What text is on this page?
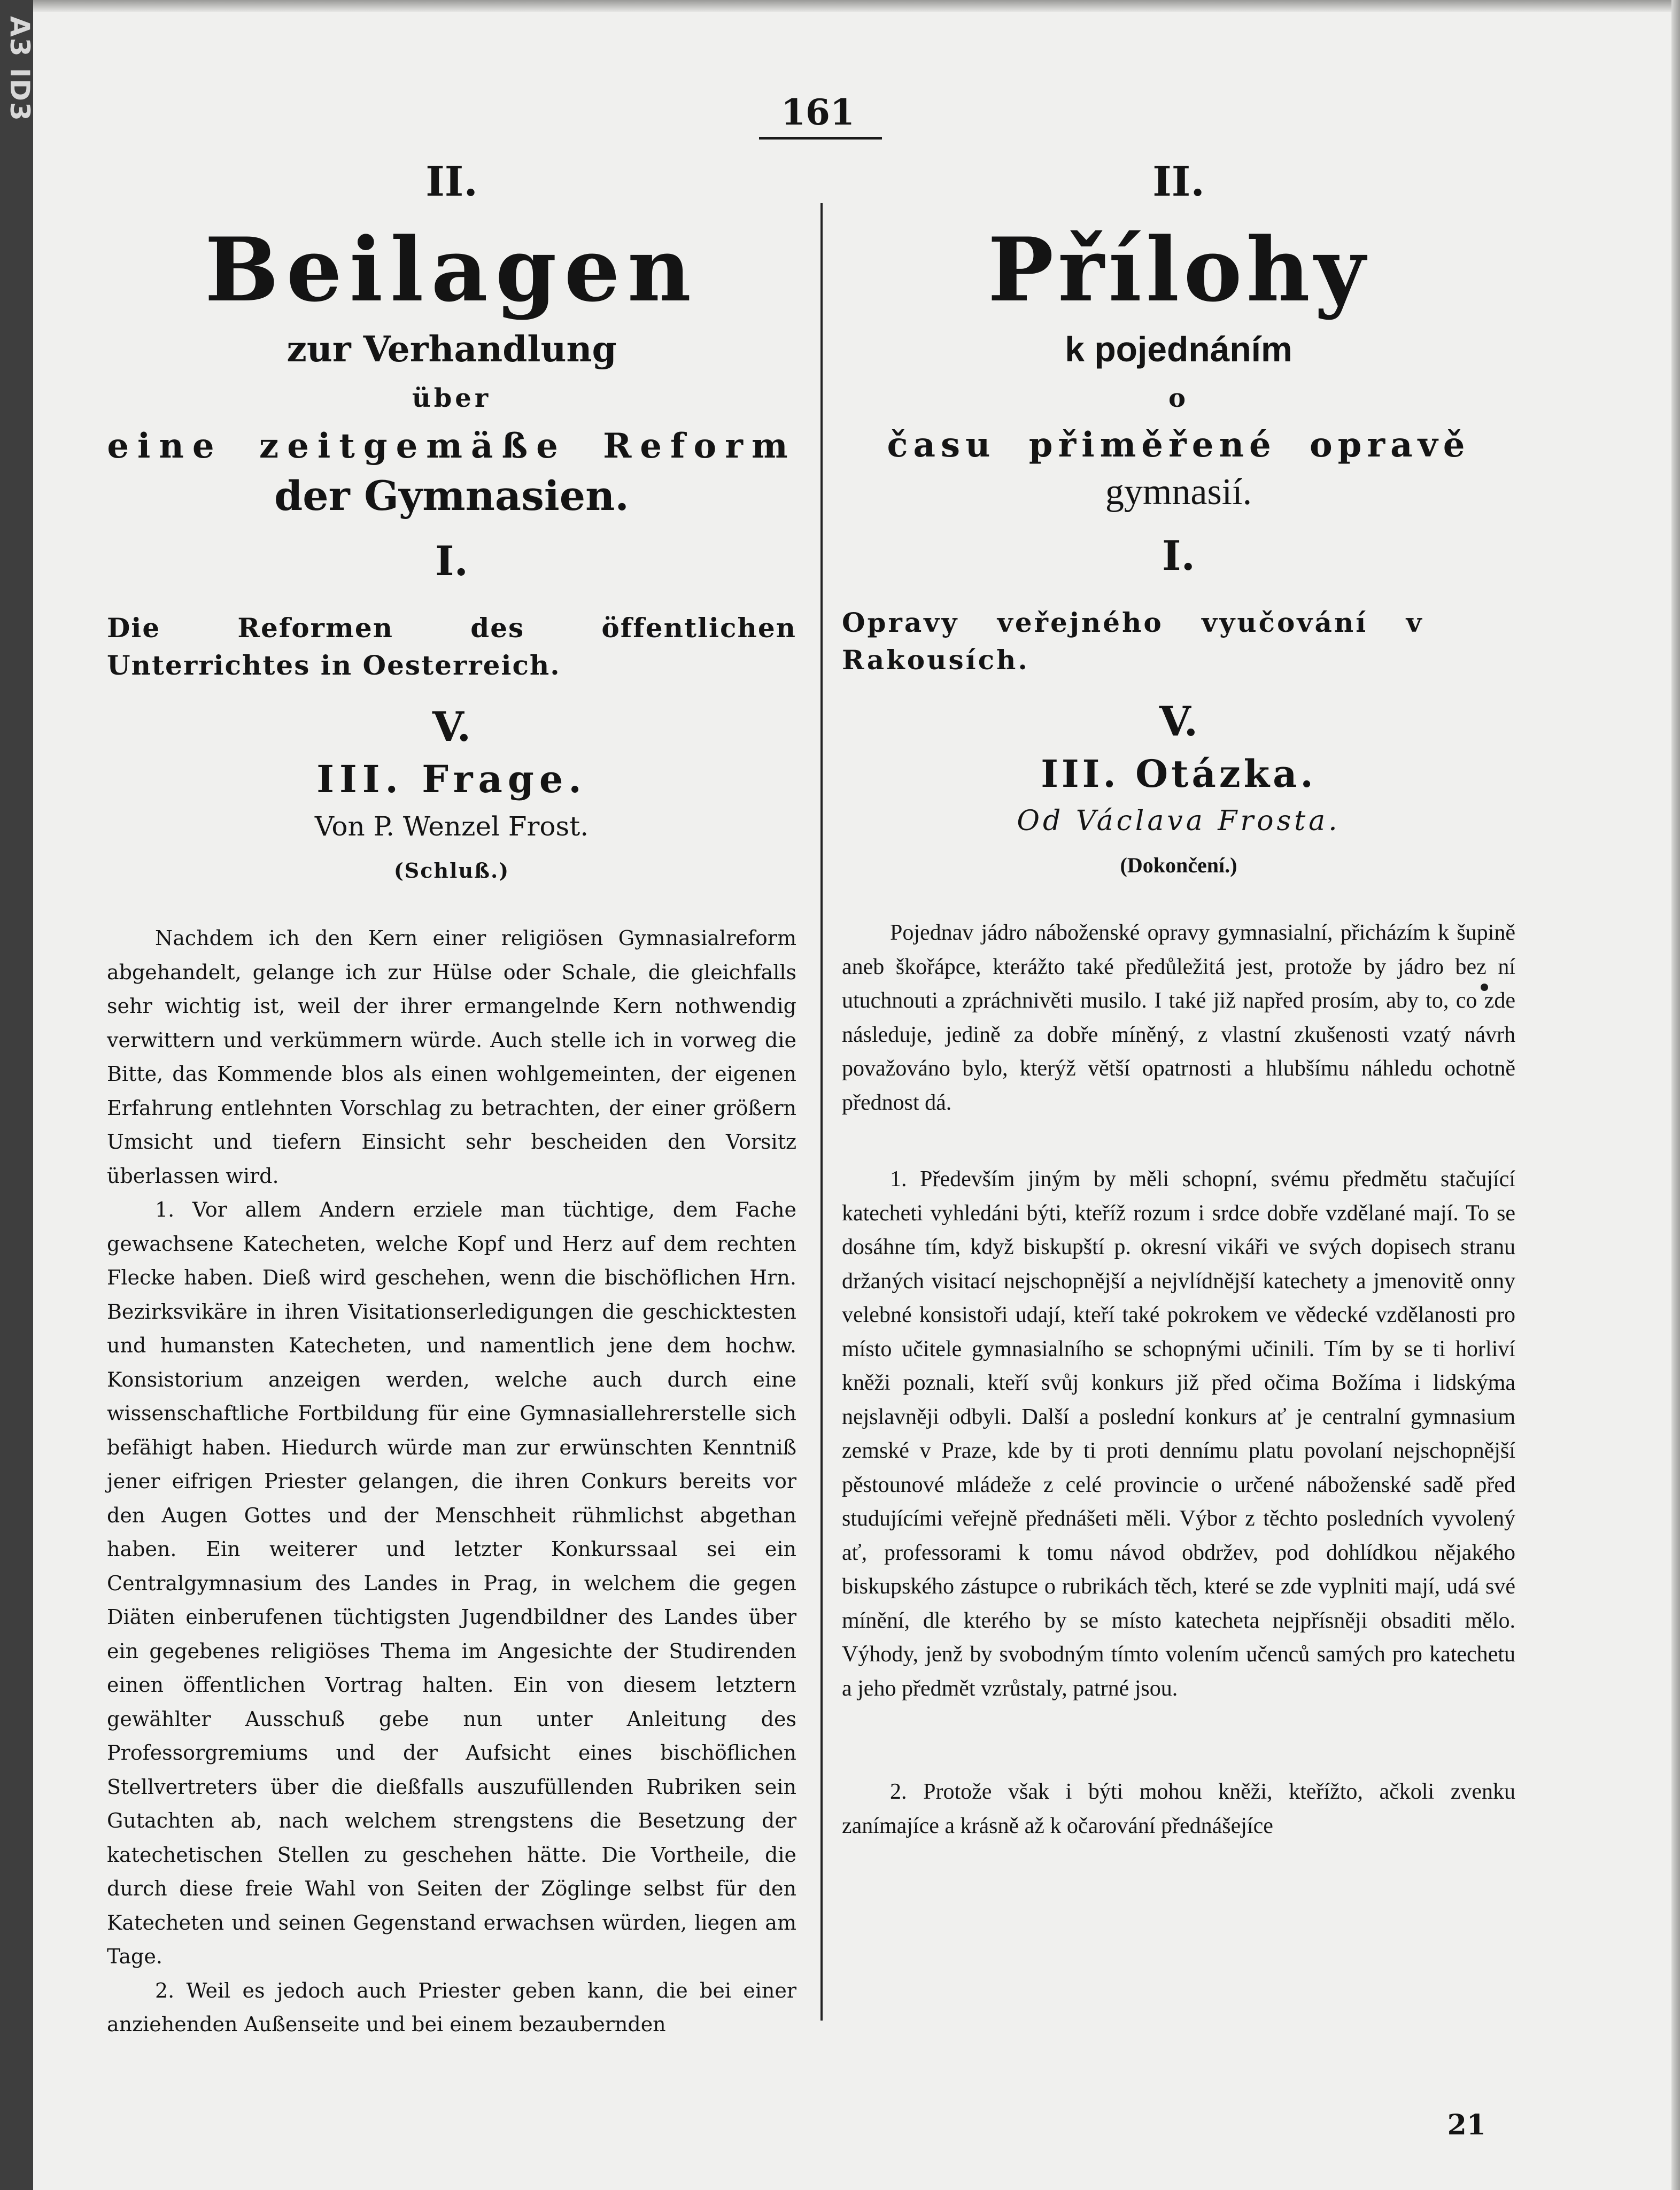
A3 ID3	161

II.

Beilagen

zur Verhandlung

über

eine zeitgemäße Reform

der Gymnasien.

I.

Die Reformen des öffentlichen Unterrichtes in Oesterreich.

V.

III. Frage.

Von P. Wenzel Frost.

(Schluß.)

Nachdem ich den Kern einer religiösen Gymnasialreform abgehandelt, gelange ich zur Hülse oder Schale, die gleichfalls sehr wichtig ist, weil der ihrer ermangelnde Kern nothwendig verwittern und verkümmern würde. Auch stelle ich in vorweg die Bitte, das Kommende blos als einen wohlgemeinten, der eigenen Erfahrung entlehnten Vorschlag zu betrachten, der einer größern Umsicht und tiefern Einsicht sehr bescheiden den Vorsitz überlassen wird.

1. Vor allem Andern erziele man tüchtige, dem Fache gewachsene Katecheten, welche Kopf und Herz auf dem rechten Flecke haben. Dieß wird geschehen, wenn die bischöflichen Hrn. Bezirksvikäre in ihren Visitationserledigungen die geschicktesten und humansten Katecheten, und namentlich jene dem hochw. Konsistorium anzeigen werden, welche auch durch eine wissenschaftliche Fortbildung für eine Gymnasiallehrerstelle sich befähigt haben. Hiedurch würde man zur erwünschten Kenntniß jener eifrigen Priester gelangen, die ihren Conkurs bereits vor den Augen Gottes und der Menschheit rühmlichst abgethan haben. Ein weiterer und letzter Konkurssaal sei ein Centralgymnasium des Landes in Prag, in welchem die gegen Diäten einberufenen tüchtigsten Jugendbildner des Landes über ein gegebenes religiöses Thema im Angesichte der Studirenden einen öffentlichen Vortrag halten. Ein von diesem letztern gewählter Ausschuß gebe nun unter Anleitung des Professorgremiums und der Aufsicht eines bischöflichen Stellvertreters über die dießfalls auszufüllenden Rubriken sein Gutachten ab, nach welchem strengstens die Besetzung der katechetischen Stellen zu geschehen hätte. Die Vortheile, die durch diese freie Wahl von Seiten der Zöglinge selbst für den Katecheten und seinen Gegenstand erwachsen würden, liegen am Tage.

2. Weil es jedoch auch Priester geben kann, die bei einer anziehenden Außenseite und bei einem bezaubernden

II.

Přílohy

k pojednáním

o

času přiměřené opravě

gymnasií.

I.

Opravy veřejného vyučování v Rakousích.

V.

III. Otázka.

Od Václava Frosta.

(Dokončení.)

Pojednav jádro náboženské opravy gymnasialní, přicházím k šupině aneb škořápce, kterážto také předůležitá jest, protože by jádro bez ní utuchnouti a zpráchnivěti musilo. I také již napřed prosím, aby to, co zde následuje, jedině za dobře míněný, z vlastní zkušenosti vzatý návrh považováno bylo, kterýž větší opatrnosti a hlubšímu náhledu ochotně přednost dá.

1. Především jiným by měli schopní, svému předmětu stačující katecheti vyhledáni býti, kteříž rozum i srdce dobře vzdělané mají. To se dosáhne tím, když biskupští p. okresní vikáři ve svých dopisech stranu držaných visitací nejschopnější a nejvlídnější katechety a jmenovitě onny velebné konsistoři udají, kteří také pokrokem ve vědecké vzdělanosti pro místo učitele gymnasialního se schopnými učinili. Tím by se ti horliví kněži poznali, kteří svůj konkurs již před očima Božíma i lidskýma nejslavněji odbyli. Další a poslední konkurs ať je centralní gymnasium zemské v Praze, kde by ti proti dennímu platu povolaní nejschopnější pěstounové mládeže z celé provincie o určené náboženské sadě před studujícími veřejně přednášeti měli. Výbor z těchto posledních vyvolený ať, professorami k tomu návod obdržev, pod dohlídkou nějakého biskupského zástupce o rubrikách těch, které se zde vyplniti mají, udá své mínění, dle kterého by se místo katecheta nejpřísněji obsaditi mělo. Výhody, jenž by svobodným tímto volením učenců samých pro katechetu a jeho předmět vzrůstaly, patrné jsou.

2. Protože však i býti mohou kněži, kteřížto, ačkoli zvenku zanímajíce a krásně až k očarování přednášejíce

21
